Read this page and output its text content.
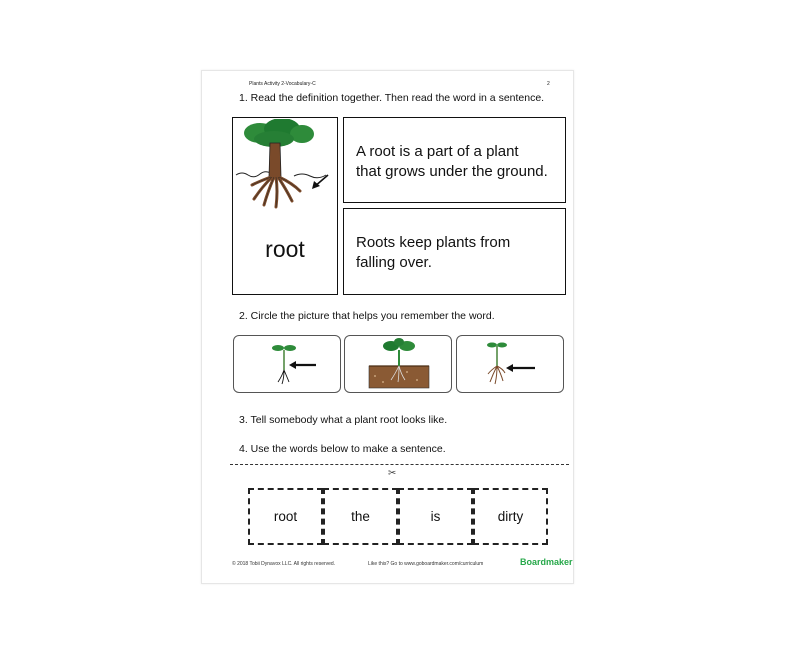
Plants Activity 2-Vocabulary-C	2
1. Read the definition together. Then read the word in a sentence.
root
A root is a part of a plant
that grows under the ground.
Roots keep plants from
falling over.
2. Circle the picture that helps you remember the word.
3. Tell somebody what a plant root looks like.
4. Use the words below to make a sentence.
✂
root	the	is	dirty
© 2018 Tobii Dynavox LLC. All rights reserved.	Like this? Go to www.goboardmaker.com/curriculum	Boardmaker
